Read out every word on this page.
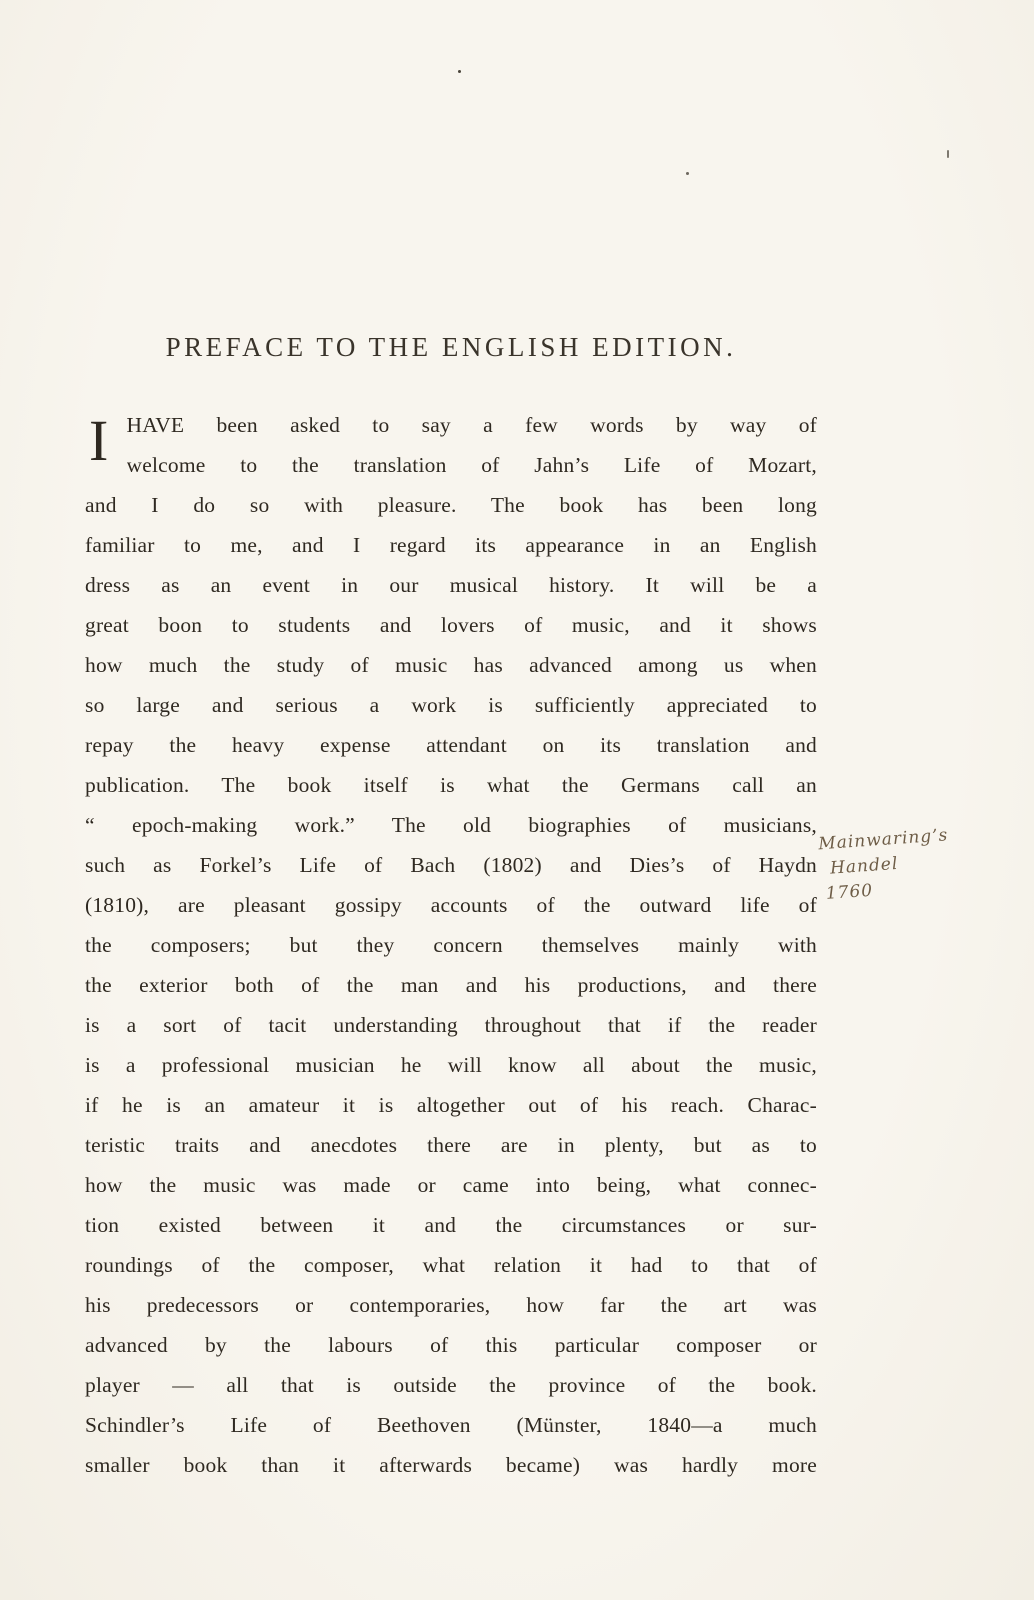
PREFACE TO THE ENGLISH EDITION.
I HAVE been asked to say a few words by way of
welcome to the translation of Jahn’s Life of Mozart,
and I do so with pleasure. The book has been long
familiar to me, and I regard its appearance in an English
dress as an event in our musical history. It will be a
great boon to students and lovers of music, and it shows
how much the study of music has advanced among us when
so large and serious a work is sufficiently appreciated to
repay the heavy expense attendant on its translation and
publication. The book itself is what the Germans call an
“ epoch-making work.” The old biographies of musicians,
such as Forkel’s Life of Bach (1802) and Dies’s of Haydn
(1810), are pleasant gossipy accounts of the outward life of
the composers; but they concern themselves mainly with
the exterior both of the man and his productions, and there
is a sort of tacit understanding throughout that if the reader
is a professional musician he will know all about the music,
if he is an amateur it is altogether out of his reach. Charac-
teristic traits and anecdotes there are in plenty, but as to
how the music was made or came into being, what connec-
tion existed between it and the circumstances or sur-
roundings of the composer, what relation it had to that of
his predecessors or contemporaries, how far the art was
advanced by the labours of this particular composer or
player — all that is outside the province of the book.
Schindler’s Life of Beethoven (Münster, 1840—a much
smaller book than it afterwards became) was hardly more
Mainwaring’s
Handel
1760
